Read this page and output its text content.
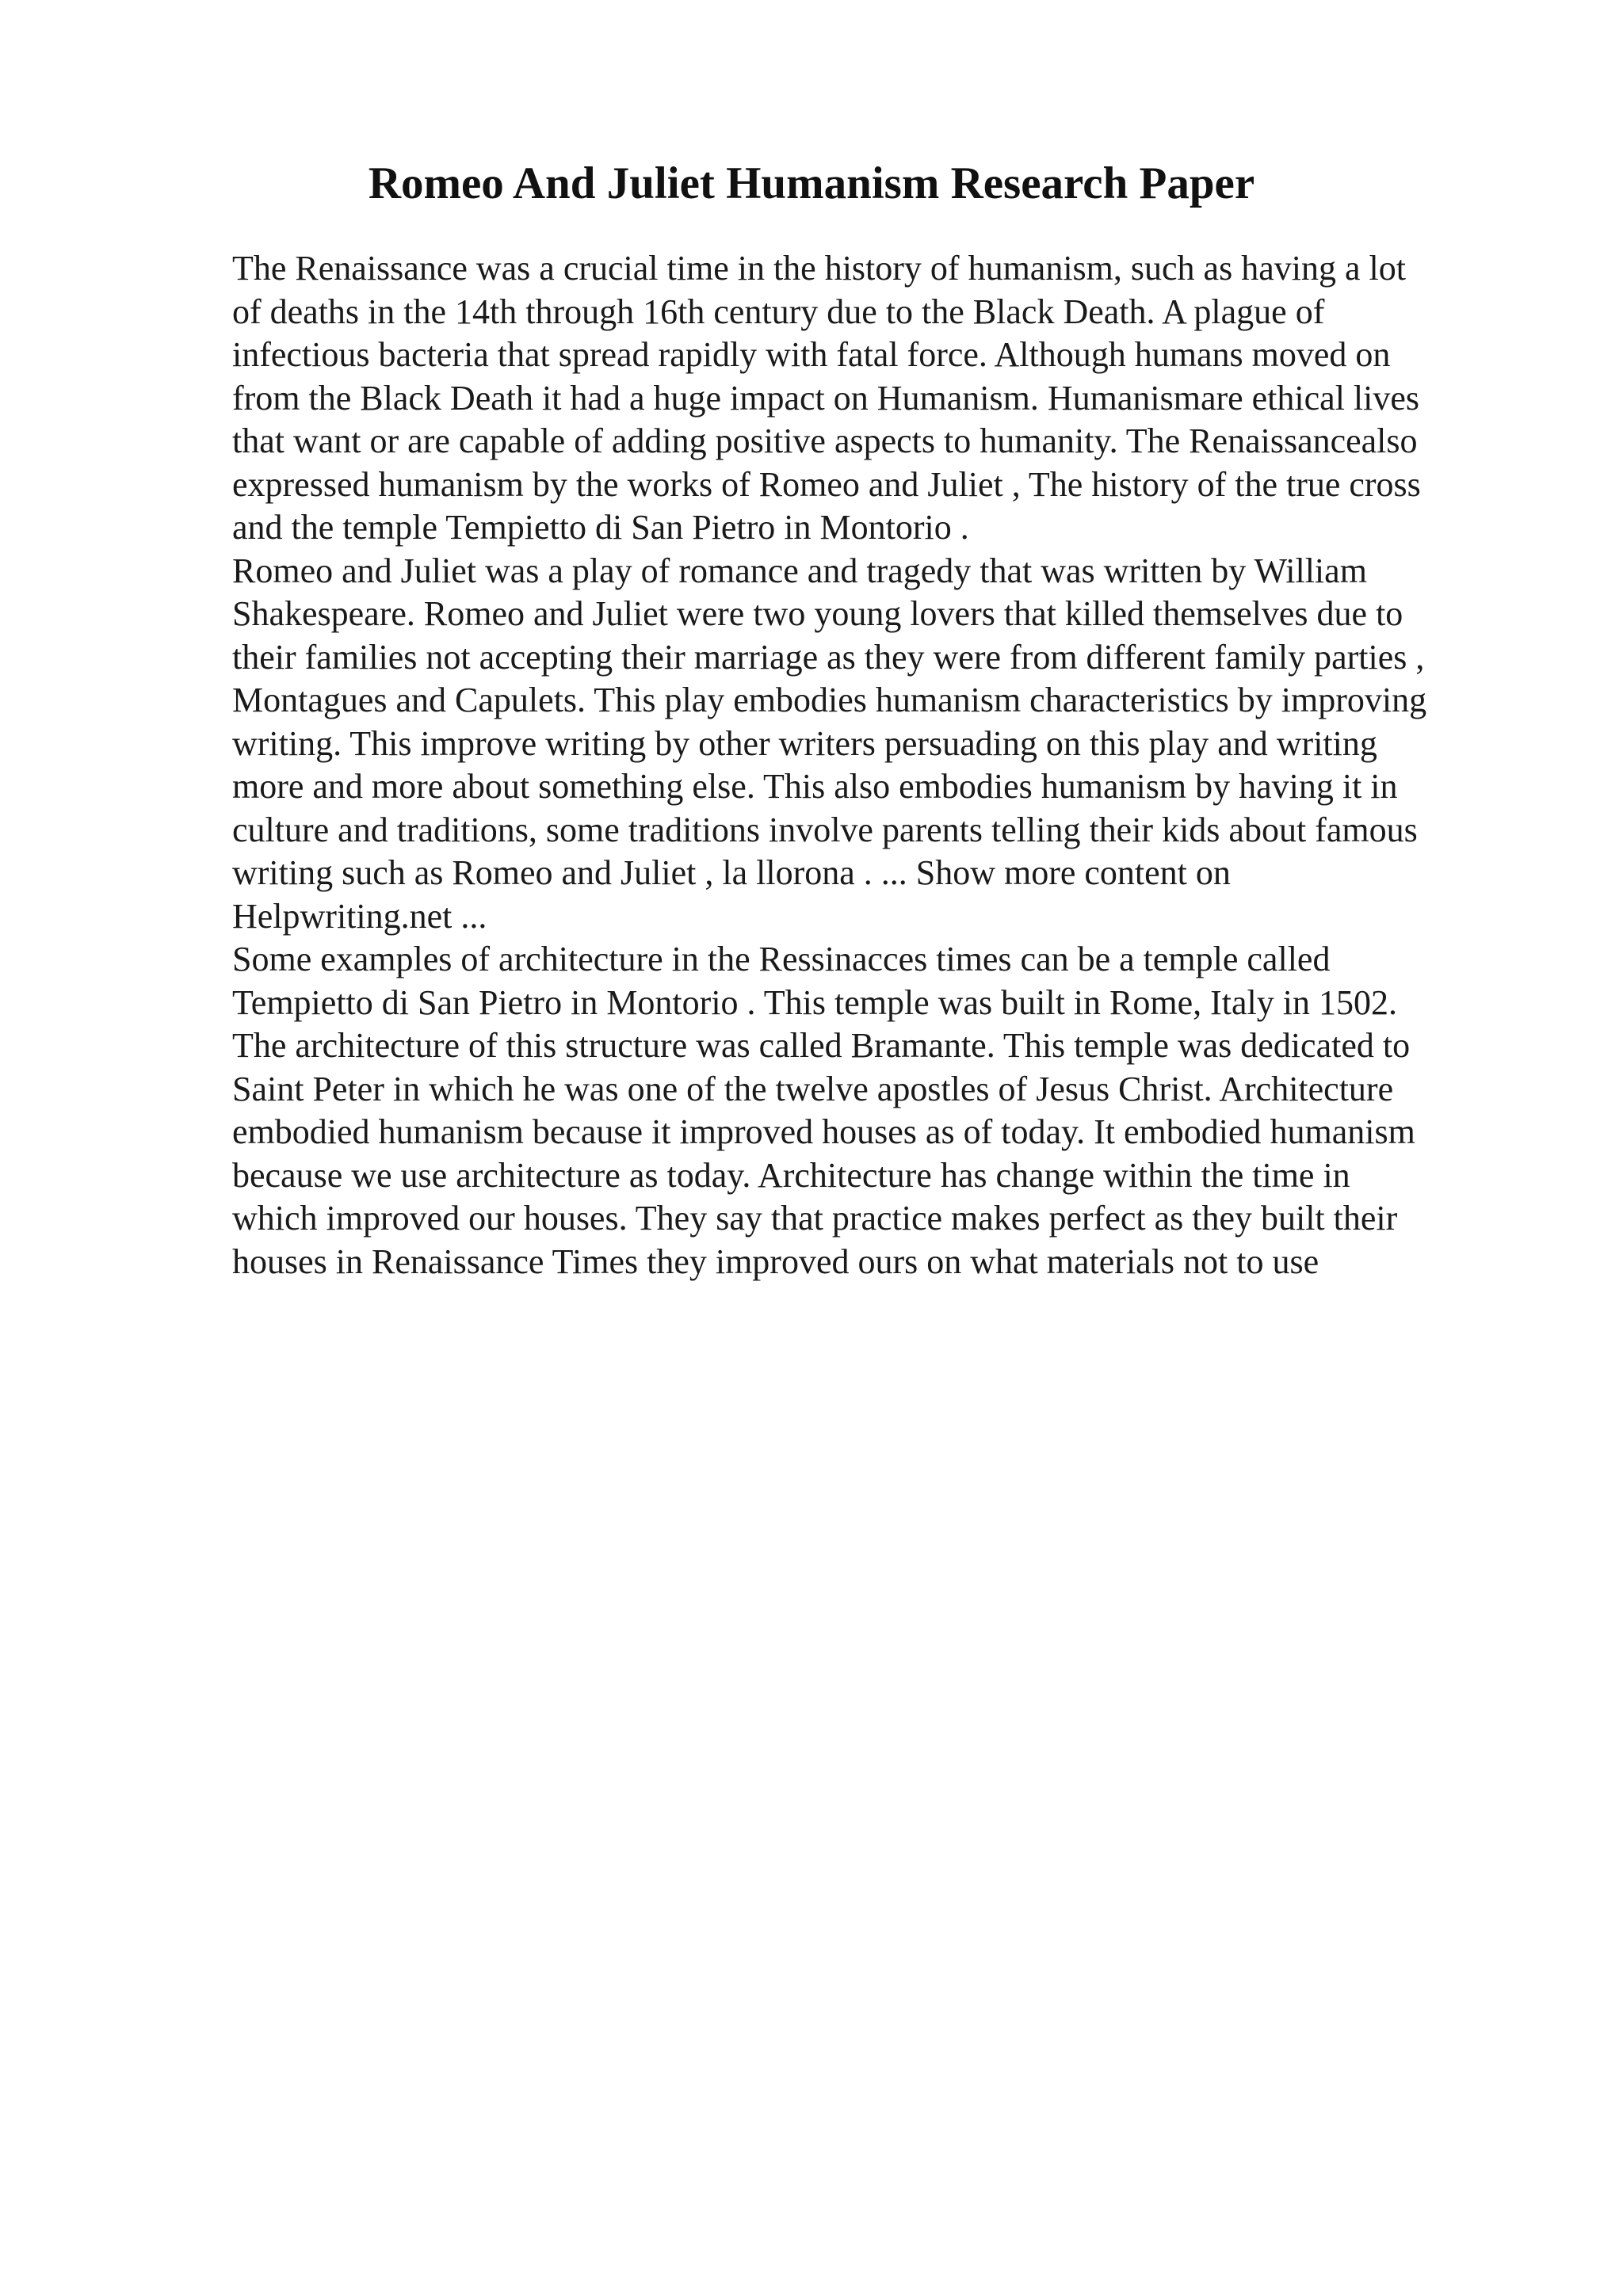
Romeo And Juliet Humanism Research Paper
The Renaissance was a crucial time in the history of humanism, such as having a lot
of deaths in the 14th through 16th century due to the Black Death. A plague of
infectious bacteria that spread rapidly with fatal force. Although humans moved on
from the Black Death it had a huge impact on Humanism. Humanismare ethical lives
that want or are capable of adding positive aspects to humanity. The Renaissancealso
expressed humanism by the works of Romeo and Juliet , The history of the true cross
and the temple Tempietto di San Pietro in Montorio .
Romeo and Juliet was a play of romance and tragedy that was written by William
Shakespeare. Romeo and Juliet were two young lovers that killed themselves due to
their families not accepting their marriage as they were from different family parties ,
Montagues and Capulets. This play embodies humanism characteristics by improving
writing. This improve writing by other writers persuading on this play and writing
more and more about something else. This also embodies humanism by having it in
culture and traditions, some traditions involve parents telling their kids about famous
writing such as Romeo and Juliet , la llorona . ... Show more content on
Helpwriting.net ...
Some examples of architecture in the Ressinacces times can be a temple called
Tempietto di San Pietro in Montorio . This temple was built in Rome, Italy in 1502.
The architecture of this structure was called Bramante. This temple was dedicated to
Saint Peter in which he was one of the twelve apostles of Jesus Christ. Architecture
embodied humanism because it improved houses as of today. It embodied humanism
because we use architecture as today. Architecture has change within the time in
which improved our houses. They say that practice makes perfect as they built their
houses in Renaissance Times they improved ours on what materials not to use
